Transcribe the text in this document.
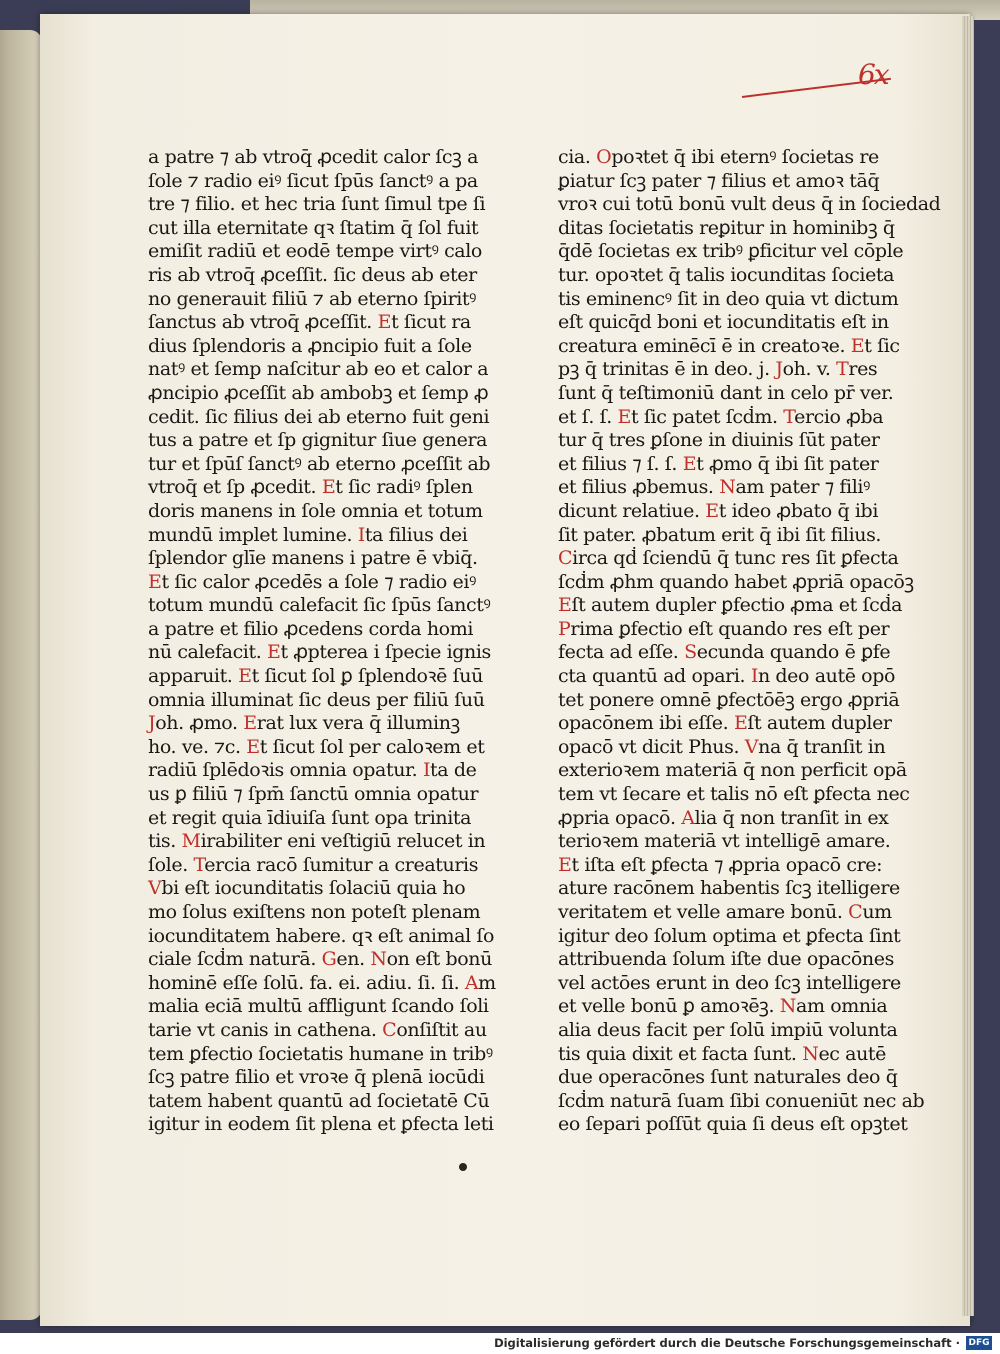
6x
a patre ⁊ ab vtroq̄ ꝓcedit calor ſcꝫ a
ſole ⁊ radio eiꝰ ſicut ſpūs ſanctꝰ a pa
tre ⁊ filio. et hec tria ſunt ſimul tpe ſi
cut illa eternitate qꝛ ſtatim q̄ ſol fuit
emiſit radiū et eodē tempe virtꝰ calo
ris ab vtroq̄ ꝓceſſit. ſic deus ab eter
no generauit filiū ⁊ ab eterno ſpiritꝰ
ſanctus ab vtroq̄ ꝓceſſit. Et ſicut ra
dius ſplendoris a ꝓncipio fuit a ſole
natꝰ et ſemp naſcitur ab eo et calor a
ꝓncipio ꝓceſſit ab ambobꝫ et ſemp ꝓ
cedit. ſic filius dei ab eterno fuit geni
tus a patre et ſp gignitur ſiue genera
tur et ſpūſ ſanctꝰ ab eterno ꝓceſſit ab
vtroq̄ et ſp ꝓcedit. Et ſic radiꝰ ſplen
doris manens in ſole omnia et totum
mundū implet lumine. Ita filius dei
ſplendor glīe manens i patre ē vbiq̄.
Et ſic calor ꝓcedēs a ſole ⁊ radio eiꝰ
totum mundū calefacit ſic ſpūs ſanctꝰ
a patre et filio ꝓcedens corda homi
nū calefacit. Et ꝓpterea i ſpecie ignis
apparuit. Et ſicut ſol ꝑ ſplendoꝛē ſuū
omnia illuminat ſic deus per filiū ſuū
Joh. ꝓmo. Erat lux vera q̄ illuminꝫ
ho. ve. ⁊c. Et ſicut ſol per caloꝛem et
radiū ſplēdoꝛis omnia opatur. Ita de
us ꝑ filiū ⁊ ſpm̄ ſanctū omnia opatur
et regit quia īdiuiſa ſunt opa trinita
tis. Mirabiliter eni veſtigiū relucet in
ſole. Tercia racō ſumitur a creaturis
Vbi eſt iocunditatis ſolaciū quia ho
mo ſolus exiſtens non poteſt plenam
iocunditatem habere. qꝛ eſt animal ſo
ciale ſcḋm naturā. Gen. Non eſt bonū
hominē eſſe ſolū. fa. ei. adiu. ſi. ſi. Am
malia eciā multū affligunt ſcando ſoli
tarie vt canis in cathena. Conſiſtit au
tem ꝑfectio ſocietatis humane in tribꝰ
ſcꝫ patre filio et vroꝛe q̄ plenā iocūdi
tatem habent quantū ad ſocietatē Cū
igitur in eodem ſit plena et ꝑfecta leti
cia. Opoꝛtet q̄ ibi eternꝰ ſocietas re
ꝑiatur ſcꝫ pater ⁊ filius et amoꝛ tāq̄
vroꝛ cui totū bonū vult deus q̄ in ſociedad
ditas ſocietatis reꝑitur in hominibꝫ q̄
q̄dē ſocietas ex tribꝰ ꝑficitur vel cōple
tur. opoꝛtet q̄ talis iocunditas ſocieta
tis eminencꝰ ſit in deo quia vt dictum
eſt quicq̄d boni et iocunditatis eſt in
creatura eminēcī ē in creatoꝛe. Et ſic
pꝫ q̄ trinitas ē in deo. j. Joh. v. Tres
ſunt q̄ teſtimoniū dant in celo pr̄ ver.
et ſ. ſ. Et ſic patet ſcḋm. Tercio ꝓba
tur q̄ tres ꝑſone in diuinis ſūt pater
et filius ⁊ ſ. ſ. Et ꝓmo q̄ ibi ſit pater
et filius ꝓbemus. Nam pater ⁊ filiꝰ
dicunt relatiue. Et ideo ꝓbato q̄ ibi
ſit pater. ꝓbatum erit q̄ ibi ſit filius.
Circa qḋ ſciendū q̄ tunc res ſit ꝑfecta
ſcḋm ꝓhm quando habet ꝓpriā opacōꝫ
Eſt autem dupler ꝑfectio ꝓma et ſcḋa
Prima ꝑfectio eſt quando res eſt per
fecta ad eſſe. Secunda quando ē ꝑfe
cta quantū ad opari. In deo autē opō
tet ponere omnē ꝑfectōēꝫ ergo ꝓpriā
opacōnem ibi eſſe. Eſt autem dupler
opacō vt dicit Phus. Vna q̄ tranſit in
exterioꝛem materiā q̄ non perficit opā
tem vt ſecare et talis nō eſt ꝑfecta nec
ꝓpria opacō. Alia q̄ non tranſit in ex
terioꝛem materiā vt intelligē amare.
Et iſta eſt ꝑfecta ⁊ ꝓpria opacō cre:
ature racōnem habentis ſcꝫ itelligere
veritatem et velle amare bonū. Cum
igitur deo ſolum optima et ꝑfecta ſint
attribuenda ſolum iſte due opacōnes
vel actōes erunt in deo ſcꝫ intelligere
et velle bonū ꝑ amoꝛēꝫ. Nam omnia
alia deus facit per ſolū impiū volunta
tis quia dixit et facta ſunt. Nec autē
due operacōnes ſunt naturales deo q̄
ſcḋm naturā ſuam ſibi conueniūt nec ab
eo ſepari poſſūt quia ſi deus eſt opꝫtet
Digitalisierung gefördert durch die Deutsche Forschungsgemeinschaft · DFG
